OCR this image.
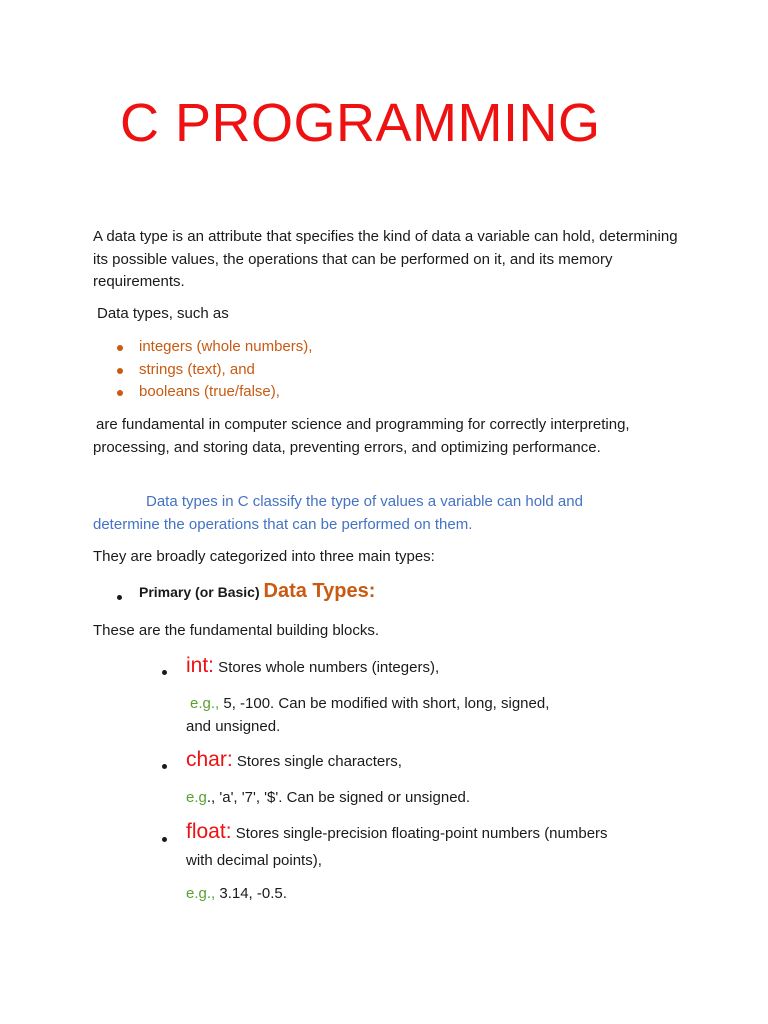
C PROGRAMMING

A data type is an attribute that specifies the kind of data a variable can hold, determining its possible values, the operations that can be performed on it, and its memory requirements.

Data types, such as

integers (whole numbers),
strings (text), and
booleans (true/false),

are fundamental in computer science and programming for correctly interpreting, processing, and storing data, preventing errors, and optimizing performance.

Data types in C classify the type of values a variable can hold and

determine the operations that can be performed on them.

They are broadly categorized into three main types:

Primary (or Basic) Data Types:

These are the fundamental building blocks.

int: Stores whole numbers (integers),

e.g., 5, -100. Can be modified with short, long, signed,

and unsigned.

char: Stores single characters,

e.g., 'a', '7', '$'. Can be signed or unsigned.

float: Stores single-precision floating-point numbers (numbers

with decimal points),

e.g., 3.14, -0.5.
